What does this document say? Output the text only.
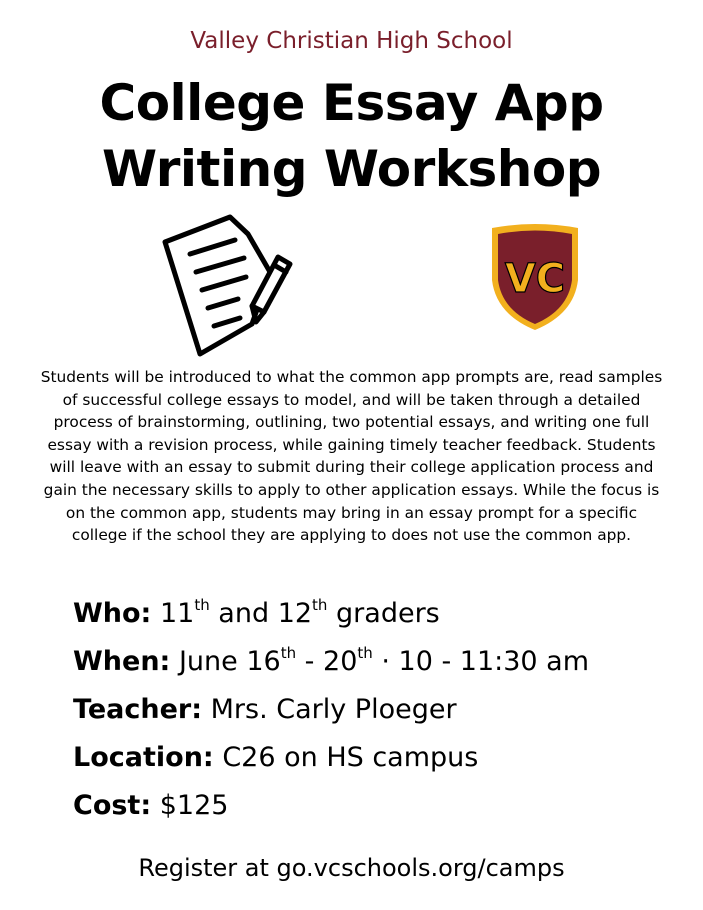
Valley Christian High School
College Essay App
Writing Workshop
VC
Students will be introduced to what the common app prompts are, read samples of successful college essays to model, and will be taken through a detailed process of brainstorming, outlining, two potential essays, and writing one full essay with a revision process, while gaining timely teacher feedback. Students will leave with an essay to submit during their college application process and gain the necessary skills to apply to other application essays. While the focus is on the common app, students may bring in an essay prompt for a specific college if the school they are applying to does not use the common app.
Who: 11th and 12th graders
When: June 16th - 20th · 10 - 11:30 am
Teacher: Mrs. Carly Ploeger
Location: C26 on HS campus
Cost: $125
Register at go.vcschools.org/camps
